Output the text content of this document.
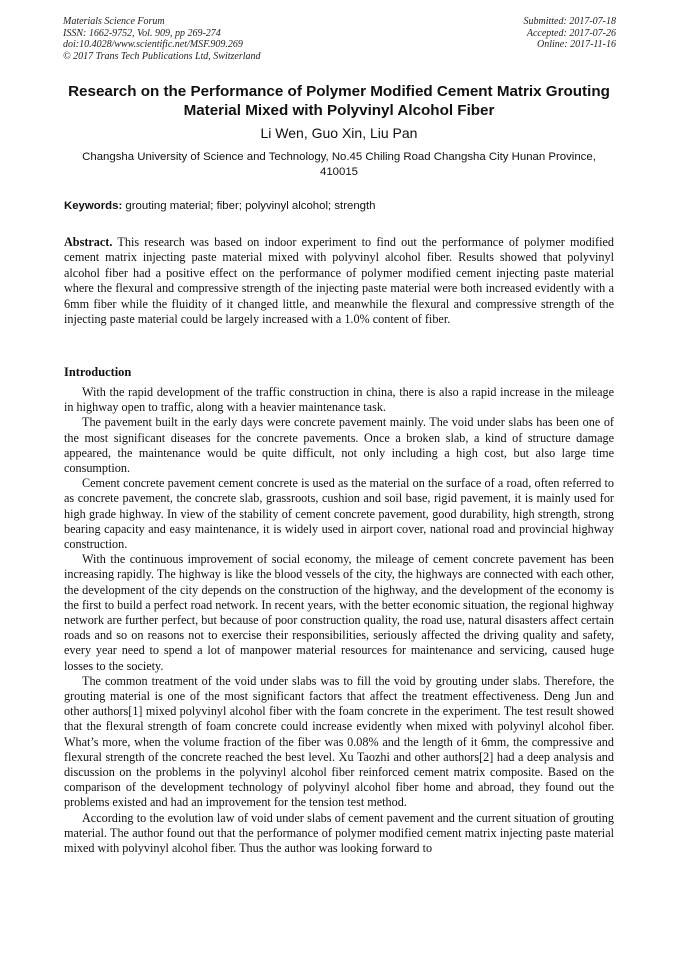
Materials Science Forum
ISSN: 1662-9752, Vol. 909, pp 269-274
doi:10.4028/www.scientific.net/MSF.909.269
© 2017 Trans Tech Publications Ltd, Switzerland
Submitted: 2017-07-18
Accepted: 2017-07-26
Online: 2017-11-16
Research on the Performance of Polymer Modified Cement Matrix Grouting Material Mixed with Polyvinyl Alcohol Fiber
Li Wen, Guo Xin, Liu Pan
Changsha University of Science and Technology, No.45 Chiling Road Changsha City Hunan Province, 410015
Keywords: grouting material; fiber; polyvinyl alcohol; strength
Abstract. This research was based on indoor experiment to find out the performance of polymer modified cement matrix injecting paste material mixed with polyvinyl alcohol fiber. Results showed that polyvinyl alcohol fiber had a positive effect on the performance of polymer modified cement injecting paste material where the flexural and compressive strength of the injecting paste material were both increased evidently with a 6mm fiber while the fluidity of it changed little, and meanwhile the flexural and compressive strength of the injecting paste material could be largely increased with a 1.0% content of fiber.
Introduction

With the rapid development of the traffic construction in china, there is also a rapid increase in the mileage in highway open to traffic, along with a heavier maintenance task.

The pavement built in the early days were concrete pavement mainly. The void under slabs has been one of the most significant diseases for the concrete pavements. Once a broken slab, a kind of structure damage appeared, the maintenance would be quite difficult, not only including a high cost, but also large time consumption.

Cement concrete pavement cement concrete is used as the material on the surface of a road, often referred to as concrete pavement, the concrete slab, grassroots, cushion and soil base, rigid pavement, it is mainly used for high grade highway. In view of the stability of cement concrete pavement, good durability, high strength, strong bearing capacity and easy maintenance, it is widely used in airport cover, national road and provincial highway construction.

With the continuous improvement of social economy, the mileage of cement concrete pavement has been increasing rapidly. The highway is like the blood vessels of the city, the highways are connected with each other, the development of the city depends on the construction of the highway, and the development of the economy is the first to build a perfect road network. In recent years, with the better economic situation, the regional highway network are further perfect, but because of poor construction quality, the road use, natural disasters affect certain roads and so on reasons not to exercise their responsibilities, seriously affected the driving quality and safety, every year need to spend a lot of manpower material resources for maintenance and servicing, caused huge losses to the society.

The common treatment of the void under slabs was to fill the void by grouting under slabs. Therefore, the grouting material is one of the most significant factors that affect the treatment effectiveness. Deng Jun and other authors[1] mixed polyvinyl alcohol fiber with the foam concrete in the experiment. The test result showed that the flexural strength of foam concrete could increase evidently when mixed with polyvinyl alcohol fiber. What’s more, when the volume fraction of the fiber was 0.08% and the length of it 6mm, the compressive and flexural strength of the concrete reached the best level. Xu Taozhi and other authors[2] had a deep analysis and discussion on the problems in the polyvinyl alcohol fiber reinforced cement matrix composite. Based on the comparison of the development technology of polyvinyl alcohol fiber home and abroad, they found out the problems existed and had an improvement for the tension test method.

According to the evolution law of void under slabs of cement pavement and the current situation of grouting material. The author found out that the performance of polymer modified cement matrix injecting paste material mixed with polyvinyl alcohol fiber. Thus the author was looking forward to
